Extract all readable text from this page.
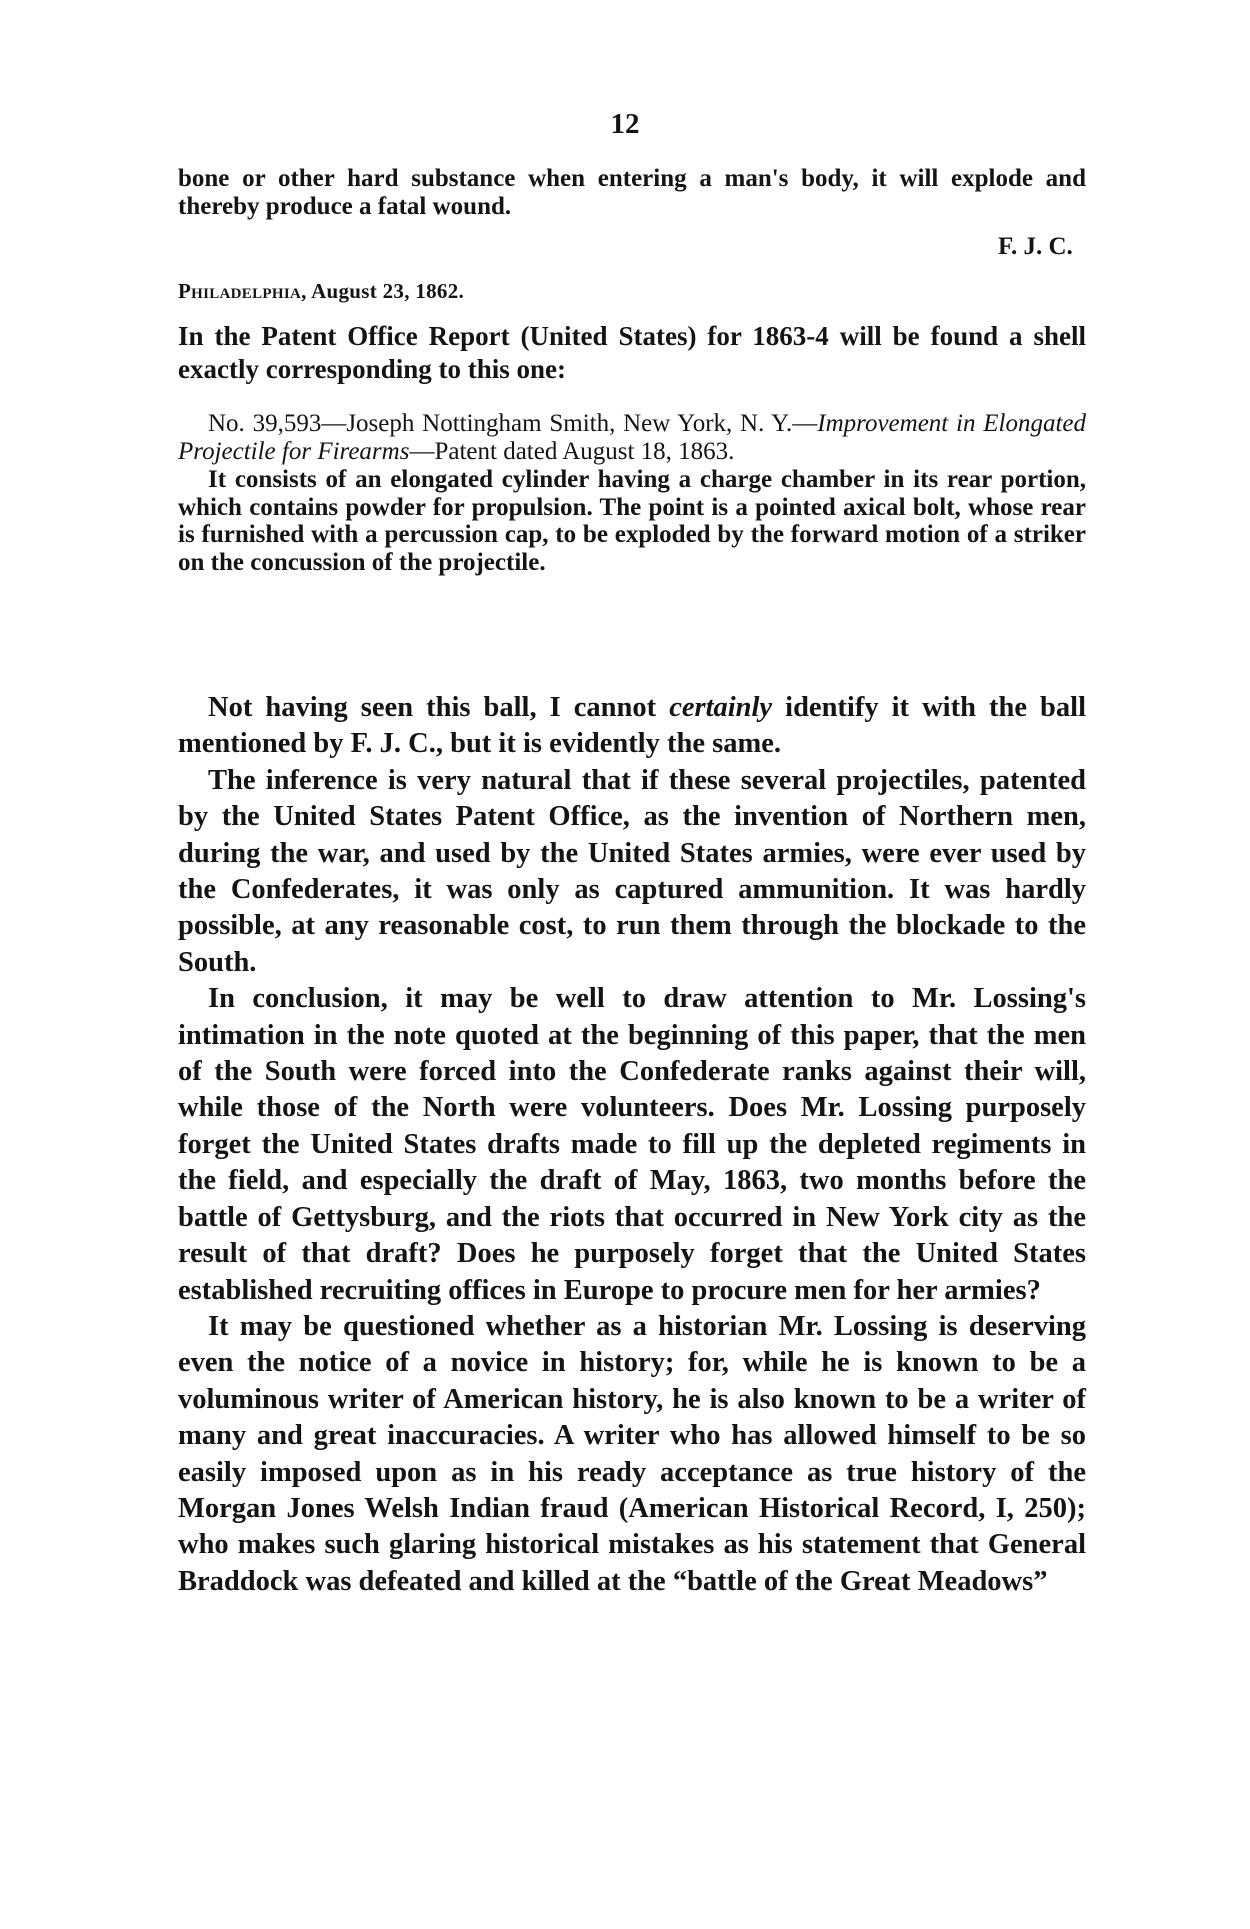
12
bone or other hard substance when entering a man's body, it will explode and thereby produce a fatal wound.
F. J. C.
Philadelphia, August 23, 1862.
In the Patent Office Report (United States) for 1863-4 will be found a shell exactly corresponding to this one:

No. 39,593—Joseph Nottingham Smith, New York, N. Y.—Improvement in Elongated Projectile for Firearms—Patent dated August 18, 1863.

It consists of an elongated cylinder having a charge chamber in its rear portion, which contains powder for propulsion. The point is a pointed axical bolt, whose rear is furnished with a percussion cap, to be exploded by the forward motion of a striker on the concussion of the projectile.

Not having seen this ball, I cannot certainly identify it with the ball mentioned by F. J. C., but it is evidently the same.

The inference is very natural that if these several projectiles, patented by the United States Patent Office, as the invention of Northern men, during the war, and used by the United States armies, were ever used by the Confederates, it was only as captured ammunition. It was hardly possible, at any reasonable cost, to run them through the blockade to the South.

In conclusion, it may be well to draw attention to Mr. Lossing's intimation in the note quoted at the beginning of this paper, that the men of the South were forced into the Confederate ranks against their will, while those of the North were volunteers. Does Mr. Lossing purposely forget the United States drafts made to fill up the depleted regiments in the field, and especially the draft of May, 1863, two months before the battle of Gettysburg, and the riots that occurred in New York city as the result of that draft? Does he purposely forget that the United States established recruiting offices in Europe to procure men for her armies?

It may be questioned whether as a historian Mr. Lossing is deserving even the notice of a novice in history; for, while he is known to be a voluminous writer of American history, he is also known to be a writer of many and great inaccuracies. A writer who has allowed himself to be so easily imposed upon as in his ready acceptance as true history of the Morgan Jones Welsh Indian fraud (American Historical Record, I, 250); who makes such glaring historical mistakes as his statement that General Braddock was defeated and killed at the “battle of the Great Meadows”
